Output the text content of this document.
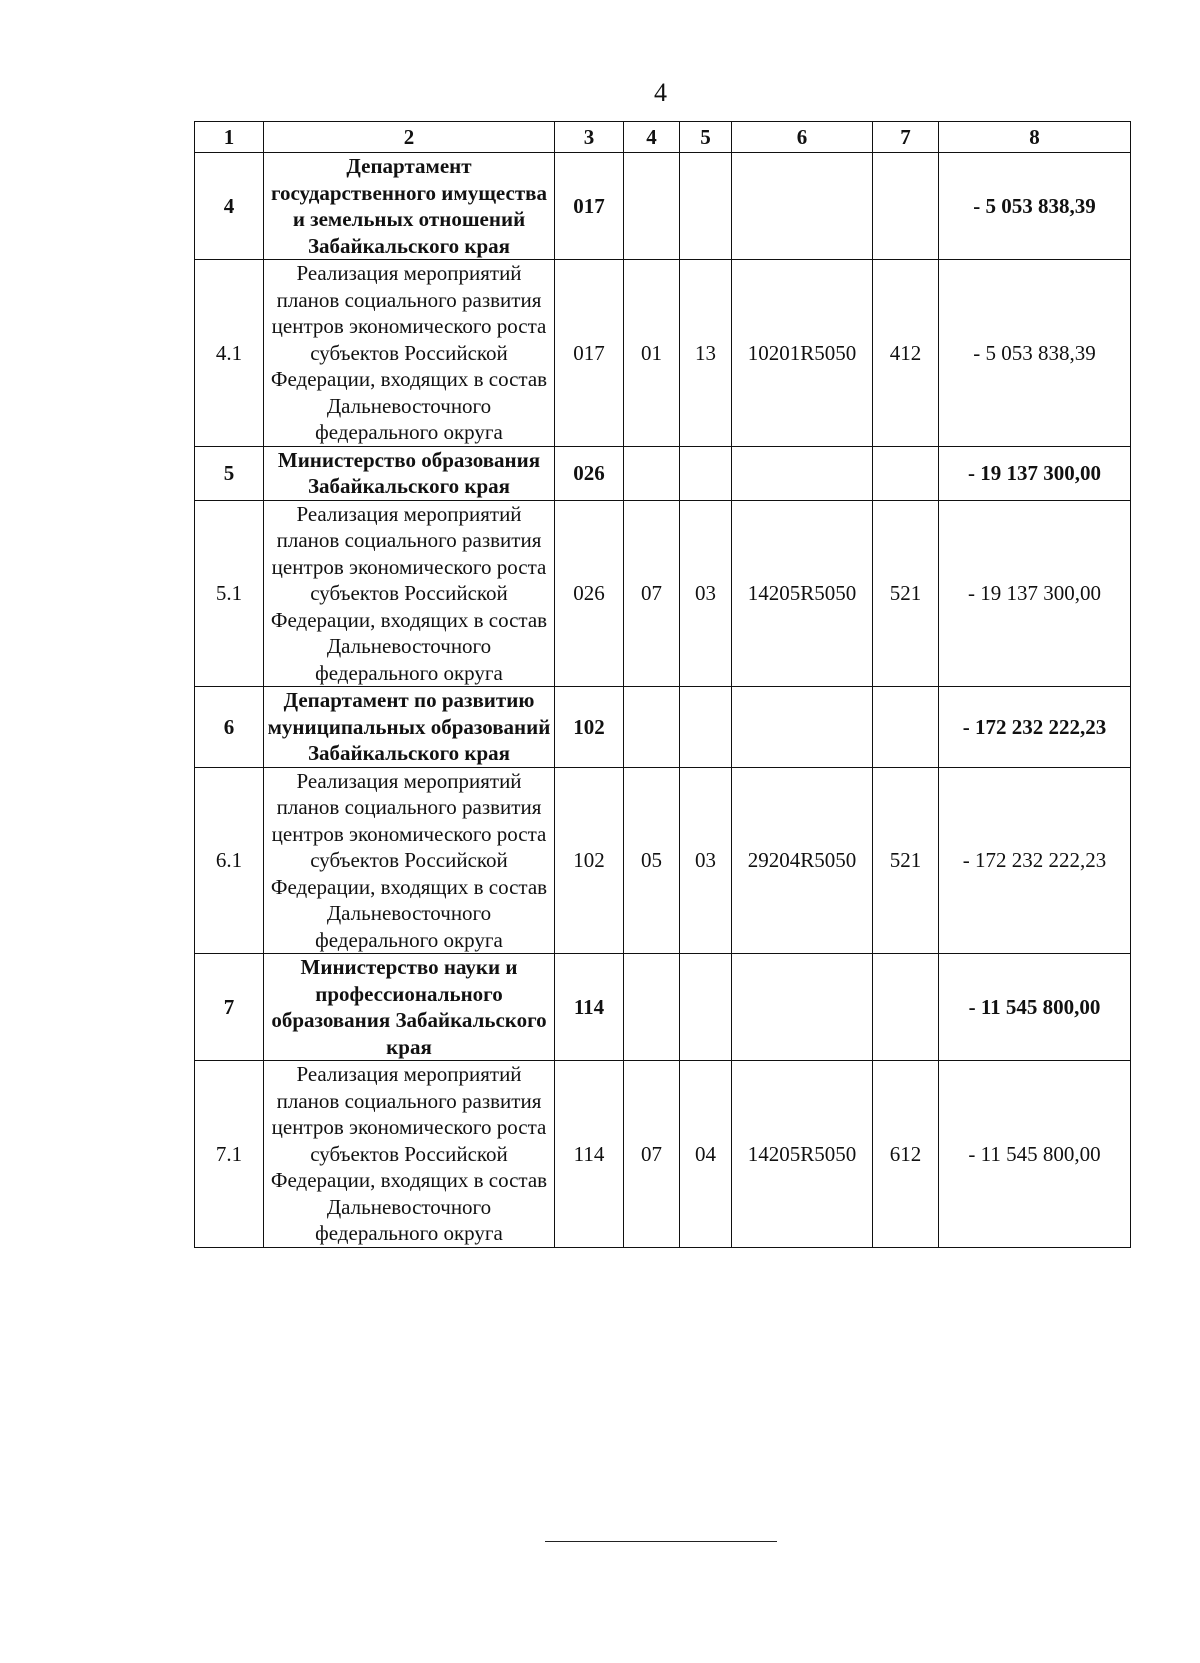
4
1	2	3	4	5	6	7	8
4	Департамент государственного имущества и земельных отношений Забайкальского края	017					- 5 053 838,39
4.1	Реализация мероприятий планов социального развития центров экономического роста субъектов Российской Федерации, входящих в состав Дальневосточного федерального округа	017	01	13	10201R5050	412	- 5 053 838,39
5	Министерство образования Забайкальского края	026					- 19 137 300,00
5.1	Реализация мероприятий планов социального развития центров экономического роста субъектов Российской Федерации, входящих в состав Дальневосточного федерального округа	026	07	03	14205R5050	521	- 19 137 300,00
6	Департамент по развитию муниципальных образований Забайкальского края	102					- 172 232 222,23
6.1	Реализация мероприятий планов социального развития центров экономического роста субъектов Российской Федерации, входящих в состав Дальневосточного федерального округа	102	05	03	29204R5050	521	- 172 232 222,23
7	Министерство науки и профессионального образования Забайкальского края	114					- 11 545 800,00
7.1	Реализация мероприятий планов социального развития центров экономического роста субъектов Российской Федерации, входящих в состав Дальневосточного федерального округа	114	07	04	14205R5050	612	- 11 545 800,00
